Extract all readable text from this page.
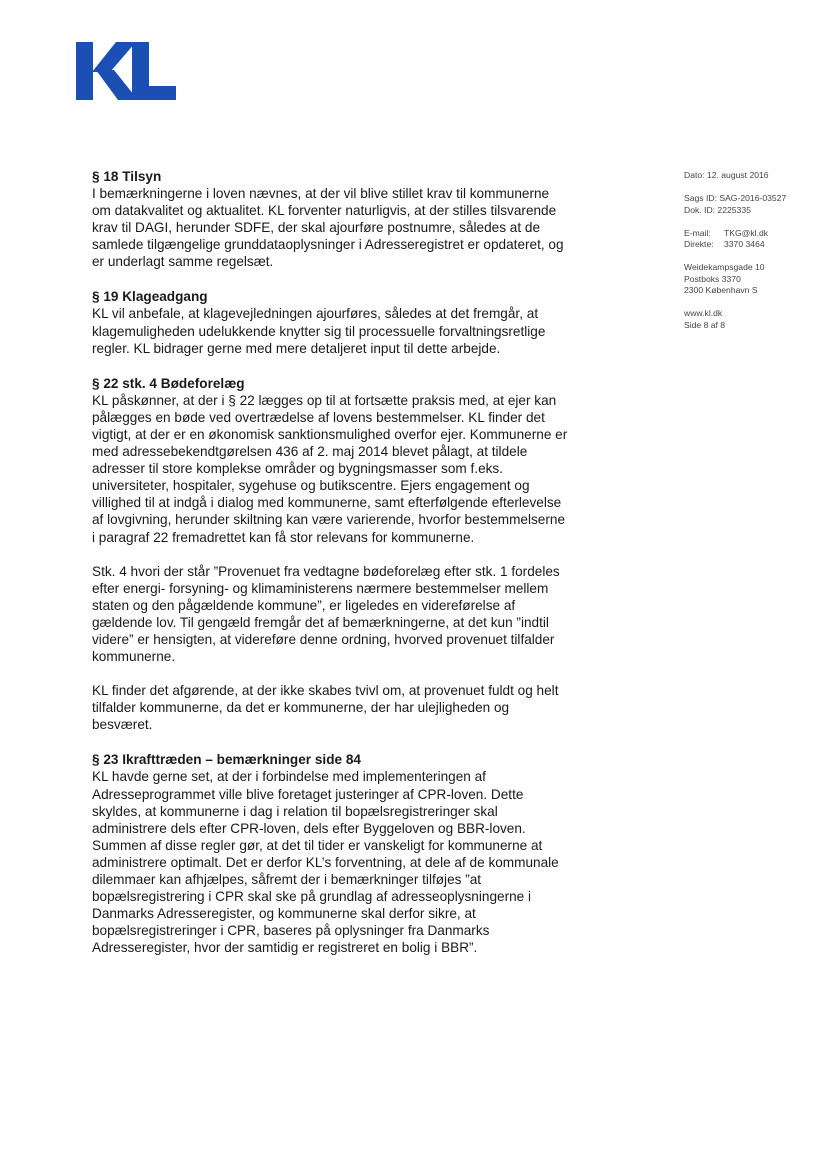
Dato: 12. august 2016
Sags ID: SAG-2016-03527
Dok. ID: 2225335
E-mail:	TKG@kl.dk
Direkte:	3370 3464
Weidekampsgade 10
Postboks 3370
2300 København S
www.kl.dk
Side 8 af 8
§ 18 Tilsyn

I bemærkningerne i loven nævnes, at der vil blive stillet krav til kommunerne om datakvalitet og aktualitet. KL forventer naturligvis, at der stilles tilsvarende krav til DAGI, herunder SDFE, der skal ajourføre postnumre, således at de samlede tilgængelige grunddataoplysninger i Adresseregistret er opdateret, og er underlagt samme regelsæt.

§ 19 Klageadgang

KL vil anbefale, at klagevejledningen ajourføres, således at det fremgår, at klagemuligheden udelukkende knytter sig til processuelle forvaltningsretlige regler. KL bidrager gerne med mere detaljeret input til dette arbejde.

§ 22 stk. 4 Bødeforelæg

KL påskønner, at der i § 22 lægges op til at fortsætte praksis med, at ejer kan pålægges en bøde ved overtrædelse af lovens bestemmelser. KL finder det vigtigt, at der er en økonomisk sanktionsmulighed overfor ejer. Kommunerne er med adressebekendtgørelsen 436 af 2. maj 2014 blevet pålagt, at tildele adresser til store komplekse områder og bygningsmasser som f.eks. universiteter, hospitaler, sygehuse og butikscentre. Ejers engagement og villighed til at indgå i dialog med kommunerne, samt efterfølgende efterlevelse af lovgivning, herunder skiltning kan være varierende, hvorfor bestemmelserne i paragraf 22 fremadrettet kan få stor relevans for kommunerne.

Stk. 4 hvori der står ”Provenuet fra vedtagne bødeforelæg efter stk. 1 fordeles efter energi- forsyning- og klimaministerens nærmere bestemmelser mellem staten og den pågældende kommune”, er ligeledes en videreførelse af gældende lov. Til gengæld fremgår det af bemærkningerne, at det kun ”indtil videre” er hensigten, at videreføre denne ordning, hvorved provenuet tilfalder kommunerne.

KL finder det afgørende, at der ikke skabes tvivl om, at provenuet fuldt og helt tilfalder kommunerne, da det er kommunerne, der har ulejligheden og besværet.

§ 23 Ikrafttræden – bemærkninger side 84

KL havde gerne set, at der i forbindelse med implementeringen af Adresseprogrammet ville blive foretaget justeringer af CPR-loven. Dette skyldes, at kommunerne i dag i relation til bopælsregistreringer skal administrere dels efter CPR-loven, dels efter Byggeloven og BBR-loven. Summen af disse regler gør, at det til tider er vanskeligt for kommunerne at administrere optimalt. Det er derfor KL’s forventning, at dele af de kommunale dilemmaer kan afhjælpes, såfremt der i bemærkninger tilføjes ”at bopælsregistrering i CPR skal ske på grundlag af adresseoplysningerne i Danmarks Adresseregister, og kommunerne skal derfor sikre, at bopælsregistreringer i CPR, baseres på oplysninger fra Danmarks Adresseregister, hvor der samtidig er registreret en bolig i BBR”.
